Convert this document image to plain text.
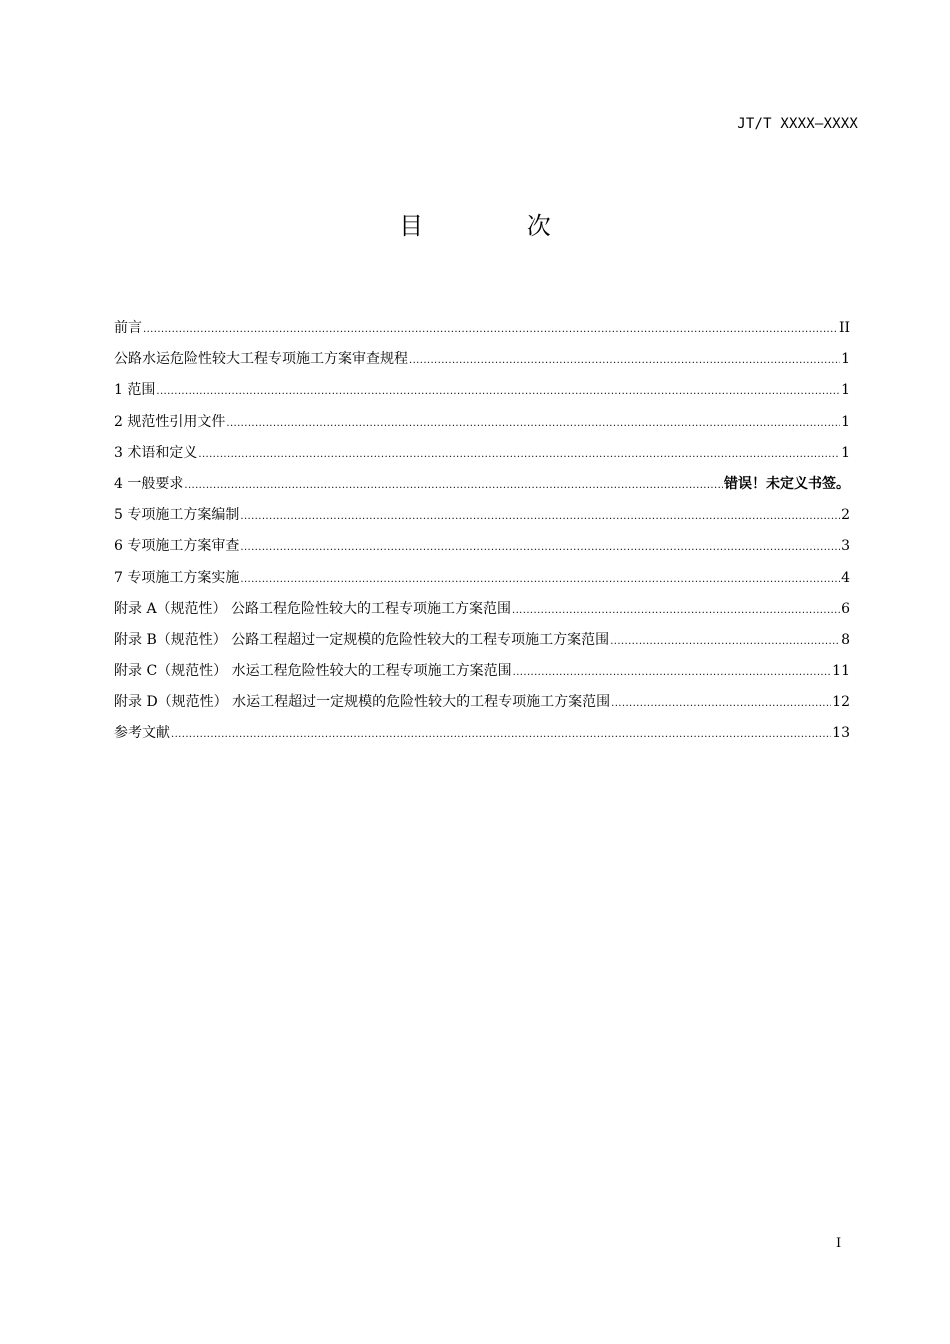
JT/T XXXX—XXXX
目 次
前言 .....	II
公路水运危险性较大工程专项施工方案审查规程 .....	1
1 范围 .....	1
2 规范性引用文件 .....	1
3 术语和定义 .....	1
4 一般要求 .....	错误！未定义书签。
5 专项施工方案编制 .....	2
6 专项施工方案审查 .....	3
7 专项施工方案实施 .....	4
附录 A（规范性） 公路工程危险性较大的工程专项施工方案范围 .....	6
附录 B（规范性） 公路工程超过一定规模的危险性较大的工程专项施工方案范围 .....	8
附录 C（规范性） 水运工程危险性较大的工程专项施工方案范围 .....	11
附录 D（规范性） 水运工程超过一定规模的危险性较大的工程专项施工方案范围 .....	12
参考文献 .....	13
I
